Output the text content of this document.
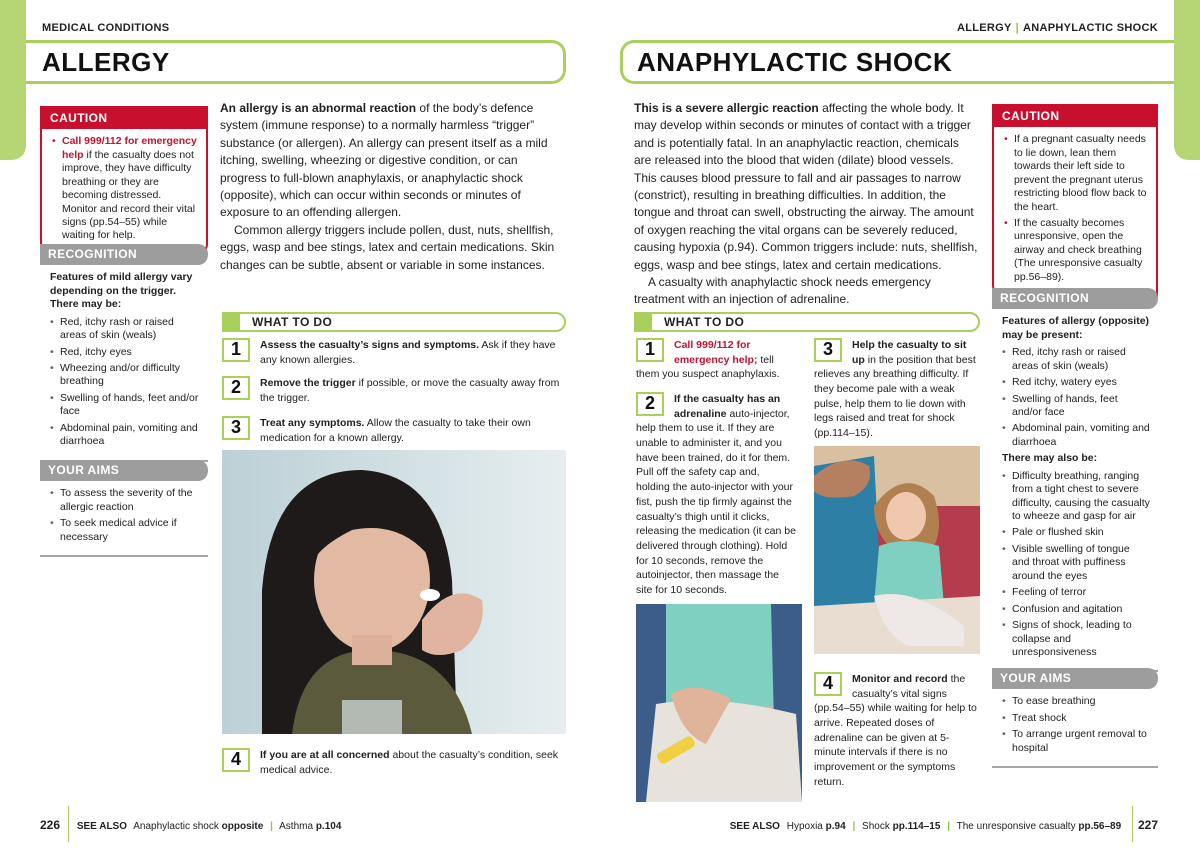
MEDICAL CONDITIONS
ALLERGY
CAUTION
• Call 999/112 for emergency help if the casualty does not improve, they have difficulty breathing or they are becoming distressed. Monitor and record their vital signs (pp.54–55) while waiting for help.
RECOGNITION
Features of mild allergy vary depending on the trigger. There may be:
• Red, itchy rash or raised areas of skin (weals)
• Red, itchy eyes
• Wheezing and/or difficulty breathing
• Swelling of hands, feet and/or face
• Abdominal pain, vomiting and diarrhoea
YOUR AIMS
• To assess the severity of the allergic reaction
• To seek medical advice if necessary

An allergy is an abnormal reaction of the body’s defence system (immune response) to a normally harmless “trigger” substance (or allergen). An allergy can present itself as a mild itching, swelling, wheezing or digestive condition, or can progress to full-blown anaphylaxis, or anaphylactic shock (opposite), which can occur within seconds or minutes of exposure to an offending allergen.

Common allergy triggers include pollen, dust, nuts, shellfish, eggs, wasp and bee stings, latex and certain medications. Skin changes can be subtle, absent or variable in some instances.

WHAT TO DO
1	Assess the casualty’s signs and symptoms. Ask if they have any known allergies.
2	Remove the trigger if possible, or move the casualty away from the trigger.
3	Treat any symptoms. Allow the casualty to take their own medication for a known allergy.
4	If you are at all concerned about the casualty’s condition, seek medical advice.
226 SEE ALSO Anaphylactic shock opposite | Asthma p.104
ALLERGY | ANAPHYLACTIC SHOCK
ANAPHYLACTIC SHOCK

This is a severe allergic reaction affecting the whole body. It may develop within seconds or minutes of contact with a trigger and is potentially fatal. In an anaphylactic reaction, chemicals are released into the blood that widen (dilate) blood vessels. This causes blood pressure to fall and air passages to narrow (constrict), resulting in breathing difficulties. In addition, the tongue and throat can swell, obstructing the airway. The amount of oxygen reaching the vital organs can be severely reduced, causing hypoxia (p.94). Common triggers include: nuts, shellfish, eggs, wasp and bee stings, latex and certain medications.

A casualty with anaphylactic shock needs emergency treatment with an injection of adrenaline.

CAUTION
• If a pregnant casualty needs to lie down, lean them towards their left side to prevent the pregnant uterus restricting blood flow back to the heart.
• If the casualty becomes unresponsive, open the airway and check breathing (The unresponsive casualty pp.56–89).
RECOGNITION
Features of allergy (opposite) may be present:
• Red, itchy rash or raised areas of skin (weals)
• Red itchy, watery eyes
• Swelling of hands, feet and/or face
• Abdominal pain, vomiting and diarrhoea
There may also be:
• Difficulty breathing, ranging from a tight chest to severe difficulty, causing the casualty to wheeze and gasp for air
• Pale or flushed skin
• Visible swelling of tongue and throat with puffiness around the eyes
• Feeling of terror
• Confusion and agitation
• Signs of shock, leading to collapse and unresponsiveness
YOUR AIMS
• To ease breathing
• Treat shock
• To arrange urgent removal to hospital
WHAT TO DO
1	Call 999/112 for emergency help; tell them you suspect anaphylaxis.
2	If the casualty has an adrenaline auto-injector, help them to use it. If they are unable to administer it, and you have been trained, do it for them. Pull off the safety cap and, holding the auto-injector with your fist, push the tip firmly against the casualty’s thigh until it clicks, releasing the medication (it can be delivered through clothing). Hold for 10 seconds, remove the autoinjector, then massage the site for 10 seconds.
3	Help the casualty to sit up in the position that best relieves any breathing difficulty. If they become pale with a weak pulse, help them to lie down with legs raised and treat for shock (pp.114–15).
4	Monitor and record the casualty’s vital signs (pp.54–55) while waiting for help to arrive. Repeated doses of adrenaline can be given at 5-minute intervals if there is no improvement or the symptoms return.
SEE ALSO Hypoxia p.94 | Shock pp.114–15 | The unresponsive casualty pp.56–89 227
